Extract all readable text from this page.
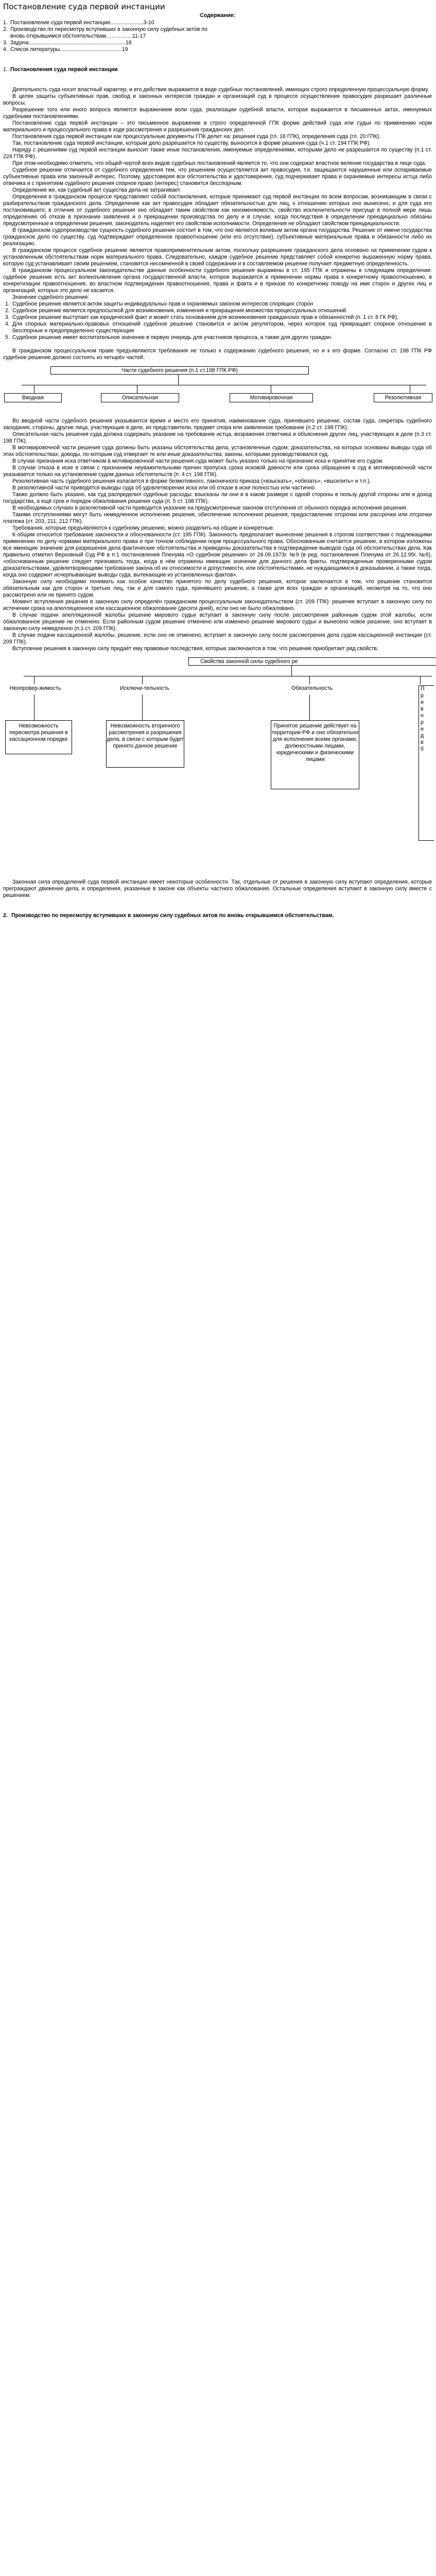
Постановление суда первой инстанции
Содержание:
1. Постановление суда первой инстанции......................3-10
2. Производство по пересмотру вступивших в законную силу судебных актов по
вновь открывшимся обстоятельствам…………...11-17
3. Задача................................................................18
4. Список литературы.........................................19
1. Постановления суда первой инстанции

Деятельность суда носит властный характер, и его действие выражается в виде судебных постановлений, имеющих строго определенную процессуальную форму.

В целях защиты субъективных прав, свобод и законных интересов граждан и организаций суд в процессе осуществления правосудия разрешает различные вопросы.

Разрешение того или иного вопроса является выражением воли суда, реализации судебной власти, которая выражается в письменных актах, именуемых судебными постановлениями.

Постановление суда первой инстанции – это письменное выражение в строго определенной ГПК форме действий суда или судьи по применению норм материального и процессуального права в ходе рассмотрения и разрешения гражданских дел.

Постановления суда первой инстанции как процессуальные документы ГПК делит на: решения суда (гл. 16 ГПК), определения суда (гл. 20 ГПК).

Так, постановление суда первой инстанции, которым дело разрешается по существу, выносится в форме решения суда (ч.1 ст. 194 ГПК РФ).

Наряду с решениями суд первой инстанции выносит также иные постановления, именуемые определениями, которыми дело не разрешается по существу (п.1 ст. 224 ГПК РФ).

При этом необходимо отметить, что общей чертой всех видов судебных постановлений является то, что они содержат властное веление государства в лице суда.

Судебное решение отличается от судебного определения тем, что решением осуществляется акт правосудия, т.е. защищаются нарушенные или оспариваемые субъективные права или законный интерес. Поэтому, удостоверяя все обстоятельства и удостоверения, суд подчеркивает права и охраняемые интересы истца либо отвечика и с принятием судебного решения спорное право (интерес) становится бесспорным.

Определение же, как судебный акт существа дела не затрагивает.

Определения в гражданском процессе представляют собой постановления, которые принимают суд первой инстанции по всем вопросам, возникающим в связи с разбирательством гражданского дела. Определение как акт правосудия обладает обязательностью для лиц, к отношению которых оно вынесено, и для суда его постановившего; в отличие от судебного решения оно обладает таким свойством как неизменяемость: свойство исключительности присуще в полной мере лишь определению об отказе в признании заявления и о прекращении производства по делу и в случае, когда последствия в определении преюдициально обязаны предусмотренные в определении решения, законодатель наделяет его свойством исполнимости. Определения не обладают свойством преюдициальности.

В гражданском судопроизводстве сущность судебного решения состоит в том, что оно является волевым актом органа государства. Решение от имени государства гражданское дело по существу, суд подтверждает определенное правоотношение (или его отсутствие), субъективные материальные права и обязанности либо их реализацию.

В гражданском процессе судебное решение является правоприменительным актом, поскольку разрешение гражданского дела основано на применении судом к установленным обстоятельствам норм материального права. Следовательно, каждое судебное решение представляет собой конкретно выраженную норму права, которую суд устанавливает своим решением, становится несомненной в своей содержании и в составляемом решение получает предметную определенность.

В гражданском процессуальном законодательстве данные особенности судебного решения выражены в ст. 195 ГПК и отражены в следующем определении: судебное решение есть акт волеизъявления органа государственной власти, которое выражается в применении нормы права к конкретному правоотношению, в конкретизации правоотношения, во властном подтверждении правоотношения, права и факта и в приказе по конкретному поводу на имя сторон и других лиц и организаций, которых это дело не касается.

Значение судебного решения:

1. Судебное решение является актом защиты индивидуальных прав и охраняемых законом интересов спорящих сторон
2. Судебное решение является предпосылкой для возникновения, изменения и прекращения множества процессуальных отношений.
3. Судебное решение выступает как юридический факт и может стать основанием для возникновения гражданских прав и обязанностей (п. 1 ст. 8 ГК РФ).
4. Для спорных материально-правовых отношений судебное решение становится и актом регулятором, через которое суд превращает спорное отношение в бесспорные и предопределенно существующие
5. Судебное решение имеет воспитательное значение в первую очередь для участников процесса, а также для других граждан.

В гражданском процессуальном праве предъявляются требования не только к содержанию судебного решения, но и к его форме. Согласно ст. 198 ГПК РФ судебное решение должно состоять из четырёх частей.

Части судебного решения (п.1 ст.198 ГПК РФ)
Вводная	Описательная	Мотивировочная	Резолютивная

Во вводной части судебного решения указываются время и место его принятия, наименование суда, принявшего решение, состав суда, секретарь судебного заседания, стороны, другие лица, участвующие в деле, их представители, предмет спора или заявленное требование (п.2 ст. 198 ГПК).

Описательная часть решения суда должна содержать указание на требование истца, возражения ответчика и объяснения других лиц, участвующих в деле (п.3 ст. 198 ГПК).

В мотивировочной части решения суда должны быть указаны обстоятельства дела, установленные судом; доказательства, на которых основаны выводы суда об этих обстоятельствах; доводы, по которым суд отвергает те или иные доказательства; законы, которыми руководствовался суд.

В случае признания иска ответчиком в мотивировочной части решения суда может быть указано только на признание иска и принятие его судом.

В случае отказа в иске в связи с признанием неуважительными причин пропуска срока исковой давности или срока обращения в суд в мотивировочной части указывается только на установление судом данных обстоятельств (п. 4 ст. 198 ГПК).

Резолютивная часть судебного решения излагается в форме безмотивного, лаконичного приказа («взыскать», «обязать», «выселить» и т.п.).

В резолютивной части приводятся выводы суда об удовлетворении иска или об отказе в иске полностью или частично.

Также должно быть указано, как суд распределил судебные расходы: взысканы ли они и в каком размере с одной стороны в пользу другой стороны или в доход государства, а ещё срок и порядок обжалования решения суда (п. 5 ст. 198 ГПК).

В необходимых случаях в резолютивной части приводится указание на предусмотренные законом отступления от обычного порядка исполнения решения.

Такими отступлениями могут быть немедленное исполнение решения, обеспечение исполнения решения, предоставление отсрочки или рассрочки или отсрочки платежа (ст. 203, 211, 212 ГПК).

Требования, которые предъявляются к судебному решению, можно разделить на общие и конкретные.

К общим относится требование законности и обоснованности (ст. 195 ГПК). Законность предполагает вынесение решения в строгом соответствии с подлежащими применению по делу нормами материального права и при точном соблюдении норм процессуального права. Обоснованным считается решение, в котором изложены все имеющие значение для разрешения дела фактические обстоятельства и приведены доказательства в подтверждение выводов суда об обстоятельствах дела. Как правильно отметил Верховный Суд РФ в п.1 постановления Пленума «О судебном решении» от 26.09.1973г. №9 (в ред. постановления Пленума от 26.12.95г. №6), «обоснованным решение следует признавать тогда, когда в нём отражены имеющие значение для данного дела факты, подтвержденные проверенными судом доказательствами, удовлетворяющими требование закона об их относимости и допустимости, или обстоятельствами, не нуждающимися в доказывании, а также тогда, когда оно содержит исчерпывающие выводы суда, вытекающие из установленных фактов».

Законную силу необходимо понимать как особое качество принятого по делу судебного решения, которое заключается в том, что решение становится обязательным как для сторон и третьих лиц, так и для самого суда, принявшего решение, а также для всех граждан и организаций, несмотря на то, что оно рассмотрено или не принято судом.

Момент вступления решения в законную силу определён гражданским процессуальным законодательством (ст. 209 ГПК): решение вступает в законную силу по истечении срока на апелляционное или кассационное обжалование (десяти дней), если оно не было обжаловано.

В случае подачи апелляционной жалобы решение мирового судьи вступает в законную силу после рассмотрения районным судом этой жалобы, если обжалованное решение не отменено. Если районным судом решение отменено или изменено решение мирового судьи и вынесено новое решение, оно вступает в законную силу немедленно (п.1 ст. 209 ГПК).

В случае подачи кассационной жалобы, решение, если оно не отменено, вступает в законную силу после рассмотрения дела судом кассационной инстанции (ст. 209 ГПК).

Вступление решения в законную силу придаёт ему правовые последствия, которые заключаются в том, что решение приобретает ряд свойств.

Свойства законной силы судебного ре
Неопровер-жимость	Исключи-тельность	Обязательность
Невозможность пересмотра решения в кассационном порядке
Невозможность вторичного рассмотрения и разрешения дела, в связи с которым будет принято данное решение
Принятое решение действует на территории РФ и оно обязательно для исполнения всеми органами, должностными лицами, юридическими и физическими лицами
П
р
и
в
н
р
и
д
в
б

Законная сила определений суда первой инстанции имеет некоторые особенности. Так, отдельные от решения в законную силу вступают определения, которые преграждают движение дела, и определения, указанные в законе как объекты частного обжалования. Остальные определения вступают в законную силу вместе с решением.

2. Производство по пересмотру вступивших в законную силу судебных актов по вновь открывшимся обстоятельствам.
